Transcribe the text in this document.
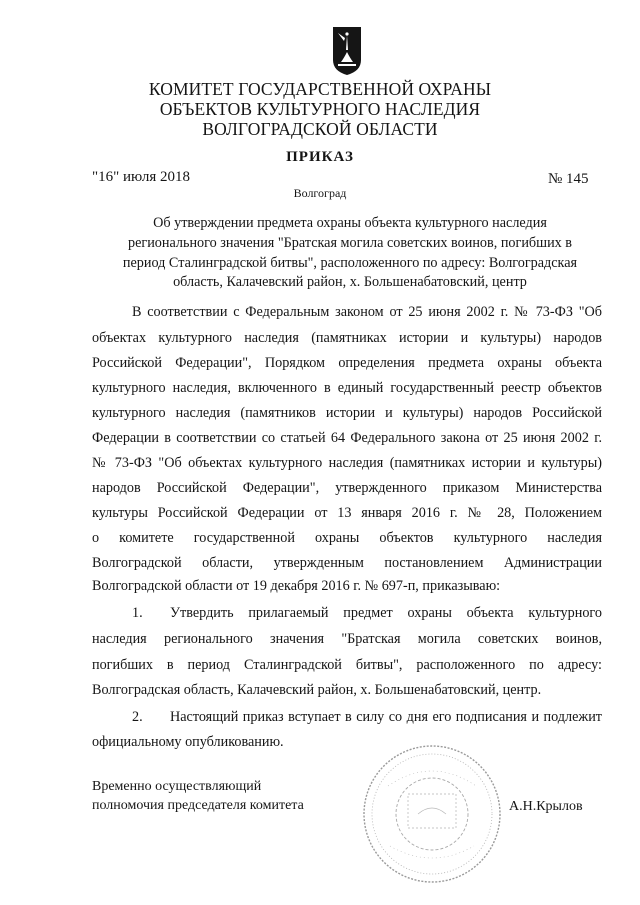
КОМИТЕТ ГОСУДАРСТВЕННОЙ ОХРАНЫ
ОБЪЕКТОВ КУЛЬТУРНОГО НАСЛЕДИЯ
ВОЛГОГРАДСКОЙ ОБЛАСТИ
ПРИКАЗ
"16" июля 2018	№ 145
Волгоград
Об утверждении предмета охраны объекта культурного наследия
регионального значения "Братская могила советских воинов, погибших в
период Сталинградской битвы", расположенного по адресу: Волгоградская
область, Калачевский район, х. Большенабатовский, центр
В соответствии с Федеральным законом от 25 июня 2002 г. № 73-ФЗ "Об
объектах культурного наследия (памятниках истории и культуры) народов
Российской Федерации", Порядком определения предмета охраны объекта
культурного наследия, включенного в единый государственный реестр объектов
культурного наследия (памятников истории и культуры) народов Российской
Федерации в соответствии со статьей 64 Федерального закона от 25 июня 2002 г.
№ 73-ФЗ "Об объектах культурного наследия (памятниках истории и культуры)
народов Российской Федерации", утвержденного приказом Министерства
культуры Российской Федерации от 13 января 2016 г. № 28, Положением
о комитете государственной охраны объектов культурного наследия
Волгоградской области, утвержденным постановлением Администрации
Волгоградской области от 19 декабря 2016 г. № 697-п, приказываю:
1. Утвердить прилагаемый предмет охраны объекта культурного
наследия регионального значения "Братская могила советских воинов,
погибших в период Сталинградской битвы", расположенного по адресу:
Волгоградская область, Калачевский район, х. Большенабатовский, центр.
2. Настоящий приказ вступает в силу со дня его подписания и подлежит
официальному опубликованию.
Временно осуществляющий
полномочия председателя комитета	А.Н.Крылов
